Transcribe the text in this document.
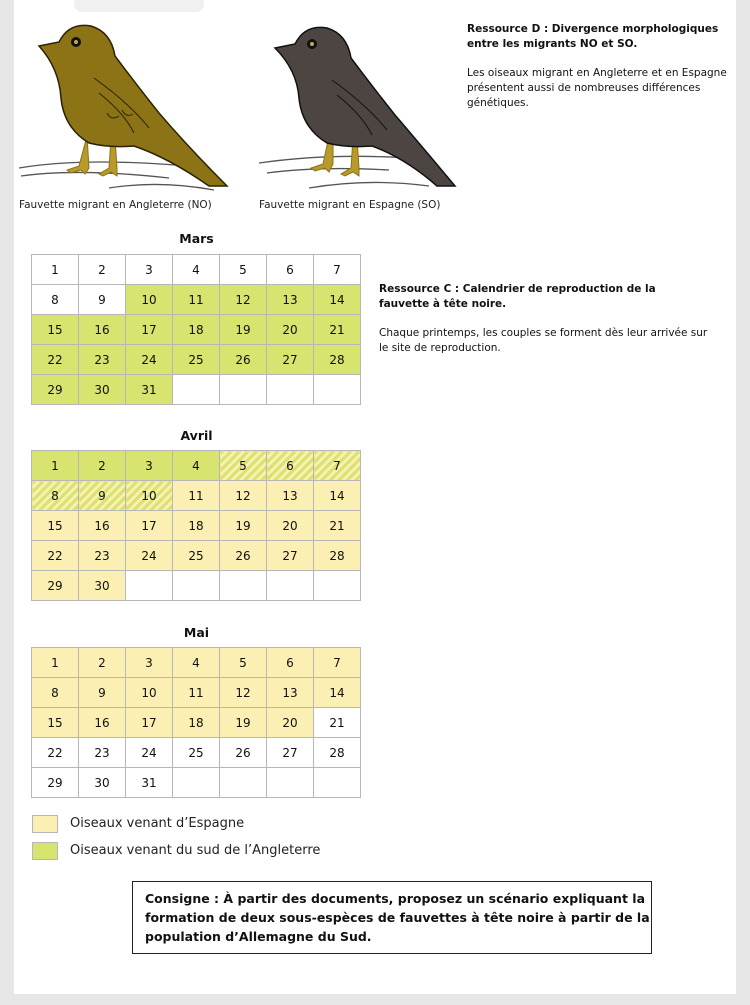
Fauvette migrant en Angleterre (NO)	Fauvette migrant en Espagne (SO)
Ressource D : Divergence morphologiques entre les migrants NO et SO.
Les oiseaux migrant en Angleterre et en Espagne présentent aussi de nombreuses différences génétiques.
Ressource C : Calendrier de reproduction de la fauvette à tête noire.
Chaque printemps, les couples se forment dès leur arrivée sur le site de reproduction.
Mars
1	2	3	4	5	6	7
8	9	10	11	12	13	14
15	16	17	18	19	20	21
22	23	24	25	26	27	28
29	30	31				
Avril
1	2	3	4	5	6	7
8	9	10	11	12	13	14
15	16	17	18	19	20	21
22	23	24	25	26	27	28
29	30					
Mai
1	2	3	4	5	6	7
8	9	10	11	12	13	14
15	16	17	18	19	20	21
22	23	24	25	26	27	28
29	30	31				
Oiseaux venant d’Espagne
Oiseaux venant du sud de l’Angleterre
Consigne : À partir des documents, proposez un scénario expliquant la formation de deux sous-espèces de fauvettes à tête noire à partir de la population d’Allemagne du Sud.
